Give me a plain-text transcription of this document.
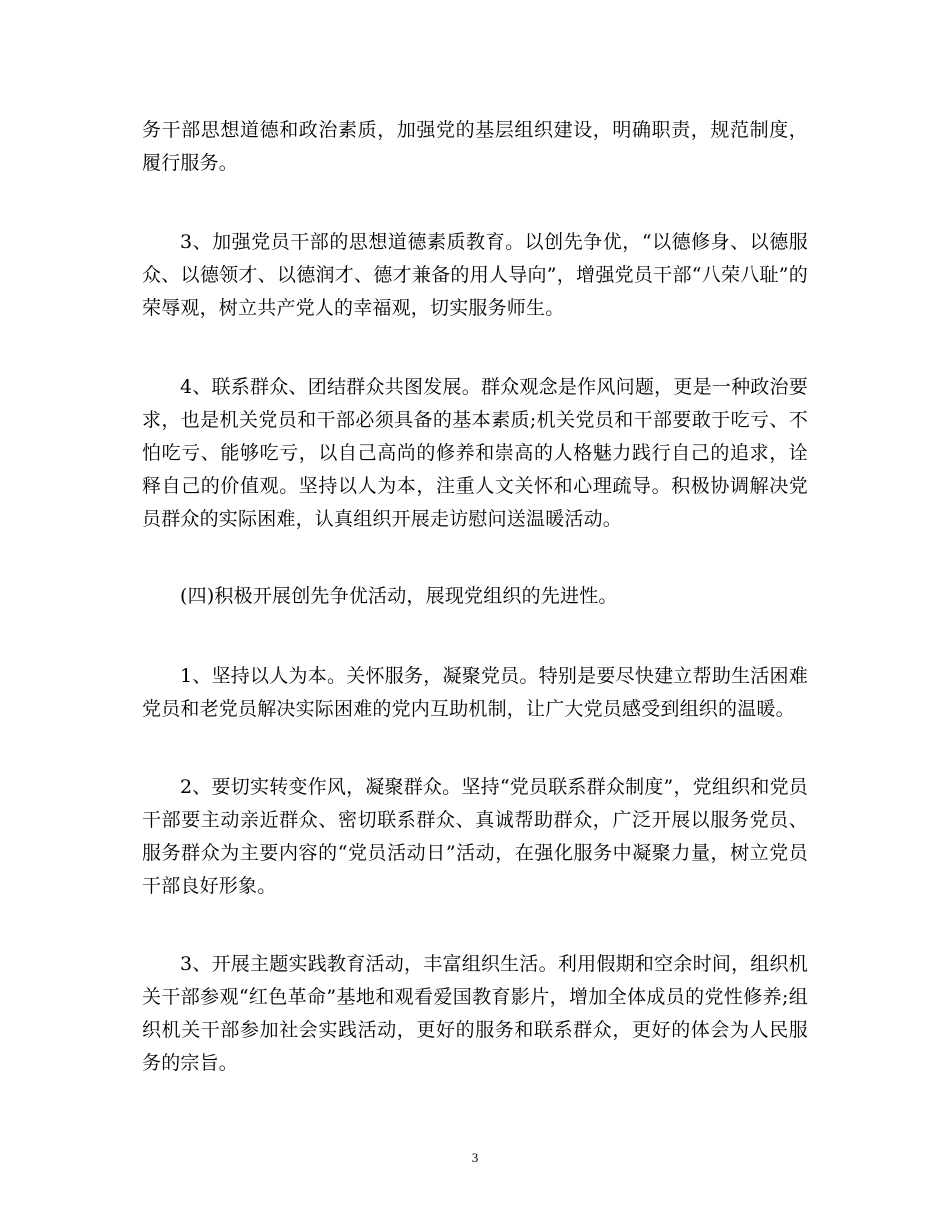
务干部思想道德和政治素质，加强党的基层组织建设，明确职责，规范制度，履行服务。

3、加强党员干部的思想道德素质教育。以创先争优，“以德修身、以德服众、以德领才、以德润才、德才兼备的用人导向”，增强党员干部“八荣八耻”的荣辱观，树立共产党人的幸福观，切实服务师生。

4、联系群众、团结群众共图发展。群众观念是作风问题，更是一种政治要求，也是机关党员和干部必须具备的基本素质;机关党员和干部要敢于吃亏、不怕吃亏、能够吃亏，以自己高尚的修养和崇高的人格魅力践行自己的追求，诠释自己的价值观。坚持以人为本，注重人文关怀和心理疏导。积极协调解决党员群众的实际困难，认真组织开展走访慰问送温暖活动。

(四)积极开展创先争优活动，展现党组织的先进性。

1、坚持以人为本。关怀服务，凝聚党员。特别是要尽快建立帮助生活困难党员和老党员解决实际困难的党内互助机制，让广大党员感受到组织的温暖。

2、要切实转变作风，凝聚群众。坚持“党员联系群众制度”，党组织和党员干部要主动亲近群众、密切联系群众、真诚帮助群众，广泛开展以服务党员、服务群众为主要内容的“党员活动日”活动，在强化服务中凝聚力量，树立党员干部良好形象。

3、开展主题实践教育活动，丰富组织生活。利用假期和空余时间，组织机关干部参观“红色革命”基地和观看爱国教育影片，增加全体成员的党性修养;组织机关干部参加社会实践活动，更好的服务和联系群众，更好的体会为人民服务的宗旨。

3
